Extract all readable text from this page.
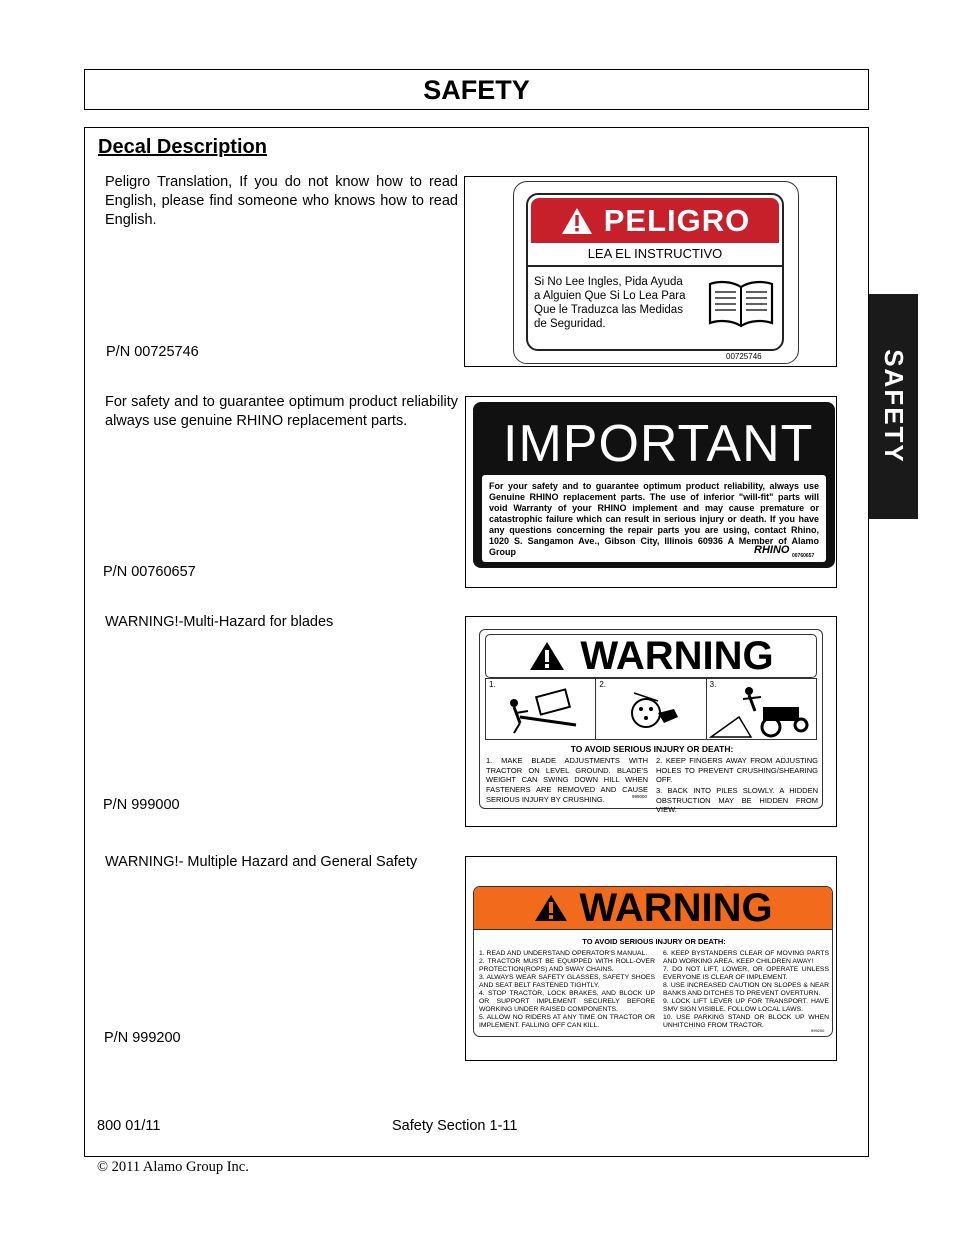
SAFETY
Decal Description
SAFETY
Peligro Translation, If you do not know how to read English, please find someone who knows how to read English.
P/N 00725746
PELIGRO
LEA EL INSTRUCTIVO
Si No Lee Ingles, Pida Ayuda
a Alguien Que Si Lo Lea Para
Que le Traduzca las Medidas
de Seguridad.
00725746
For safety and to guarantee optimum product reliability always use genuine RHINO replacement parts.
P/N 00760657
IMPORTANT
For your safety and to guarantee optimum product reliability, always use Genuine RHINO replacement parts. The use of inferior "will-fit" parts will void Warranty of your RHINO implement and may cause premature or catastrophic failure which can result in serious injury or death. If you have any questions concerning the repair parts you are using, contact Rhino, 1020 S. Sangamon Ave., Gibson City, Illinois 60936 A Member of Alamo Group	RHINO 00760657
WARNING!-Multi-Hazard for blades
P/N 999000
WARNING
1.	2.	3.
TO AVOID SERIOUS INJURY OR DEATH:
1. MAKE BLADE ADJUSTMENTS WITH TRACTOR ON LEVEL GROUND. BLADE'S WEIGHT CAN SWING DOWN HILL WHEN FASTENERS ARE REMOVED AND CAUSE SERIOUS INJURY BY CRUSHING.
2. KEEP FINGERS AWAY FROM ADJUSTING HOLES TO PREVENT CRUSHING/SHEARING OFF.
3. BACK INTO PILES SLOWLY. A HIDDEN OBSTRUCTION MAY BE HIDDEN FROM VIEW.
999000
WARNING!- Multiple Hazard and General Safety
P/N 999200
WARNING
TO AVOID SERIOUS INJURY OR DEATH:
1. READ AND UNDERSTAND OPERATOR'S MANUAL.
2. TRACTOR MUST BE EQUIPPED WITH ROLL-OVER PROTECTION(ROPS) AND SWAY CHAINS.
3. ALWAYS WEAR SAFETY GLASSES, SAFETY SHOES AND SEAT BELT FASTENED TIGHTLY.
4. STOP TRACTOR, LOCK BRAKES, AND BLOCK UP OR SUPPORT IMPLEMENT SECURELY BEFORE WORKING UNDER RAISED COMPONENTS.
5. ALLOW NO RIDERS AT ANY TIME ON TRACTOR OR IMPLEMENT. FALLING OFF CAN KILL.
6. KEEP BYSTANDERS CLEAR OF MOVING PARTS AND WORKING AREA. KEEP CHILDREN AWAY!
7. DO NOT LIFT, LOWER, OR OPERATE UNLESS EVERYONE IS CLEAR OF IMPLEMENT.
8. USE INCREASED CAUTION ON SLOPES & NEAR BANKS AND DITCHES TO PREVENT OVERTURN.
9. LOCK LIFT LEVER UP FOR TRANSPORT. HAVE SMV SIGN VISIBLE. FOLLOW LOCAL LAWS.
10. USE PARKING STAND OR BLOCK UP WHEN UNHITCHING FROM TRACTOR.
999200
800 01/11	Safety Section 1-11
© 2011 Alamo Group Inc.
